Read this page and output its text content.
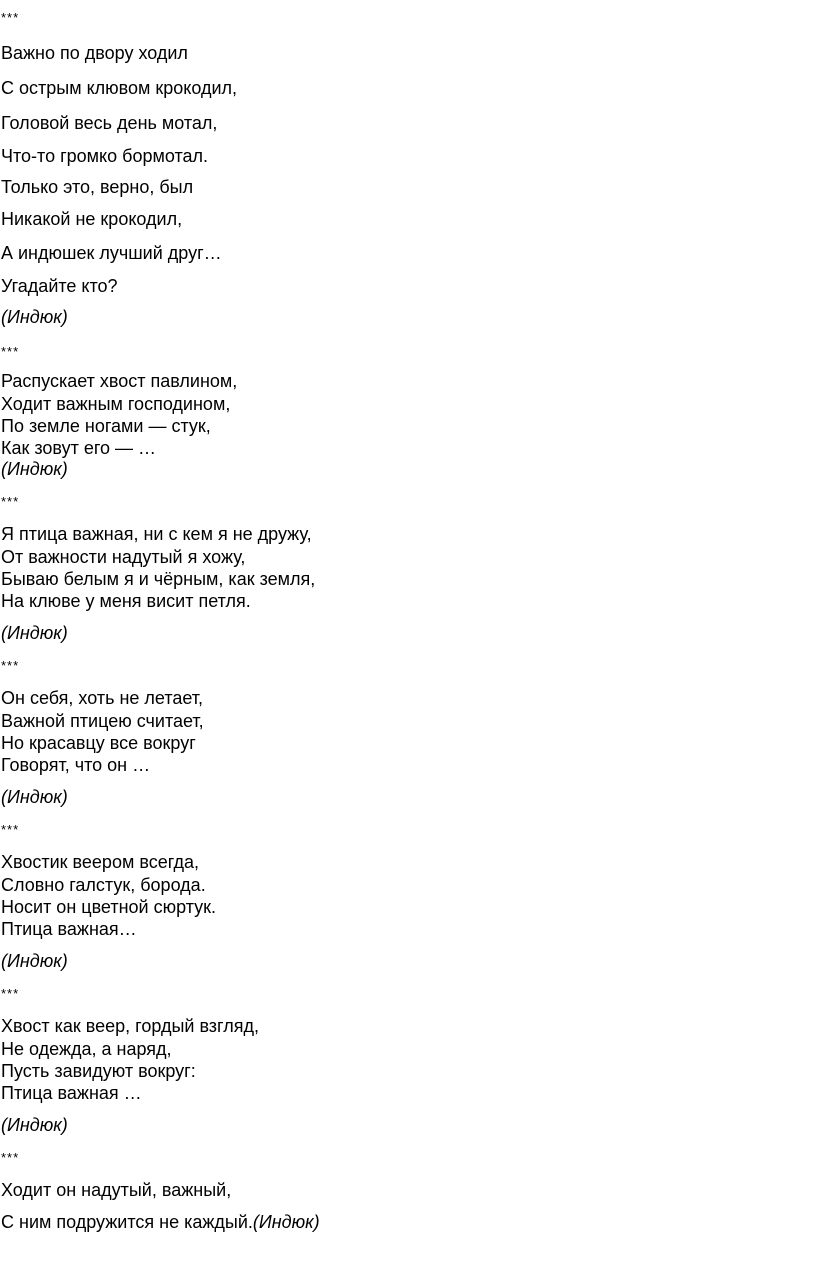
***
Важно по двору ходил
С острым клювом крокодил,
Головой весь день мотал,
Что-то громко бормотал.
Только это, верно, был
Никакой не крокодил,
А индюшек лучший друг…
Угадайте кто?
(Индюк)
***
Распускает хвост павлином,
Ходит важным господином,
По земле ногами — стук,
Как зовут его — …
(Индюк)
***
Я птица важная, ни с кем я не дружу,
От важности надутый я хожу,
Бываю белым я и чёрным, как земля,
На клюве у меня висит петля.
(Индюк)
***
Он себя, хоть не летает,
Важной птицею считает,
Но красавцу все вокруг
Говорят, что он …
(Индюк)
***
Хвостик веером всегда,
Словно галстук, борода.
Носит он цветной сюртук.
Птица важная…
(Индюк)
***
Хвост как веер, гордый взгляд,
Не одежда, а наряд,
Пусть завидуют вокруг:
Птица важная …
(Индюк)
***
Ходит он надутый, важный,
С ним подружится не каждый.(Индюк)
